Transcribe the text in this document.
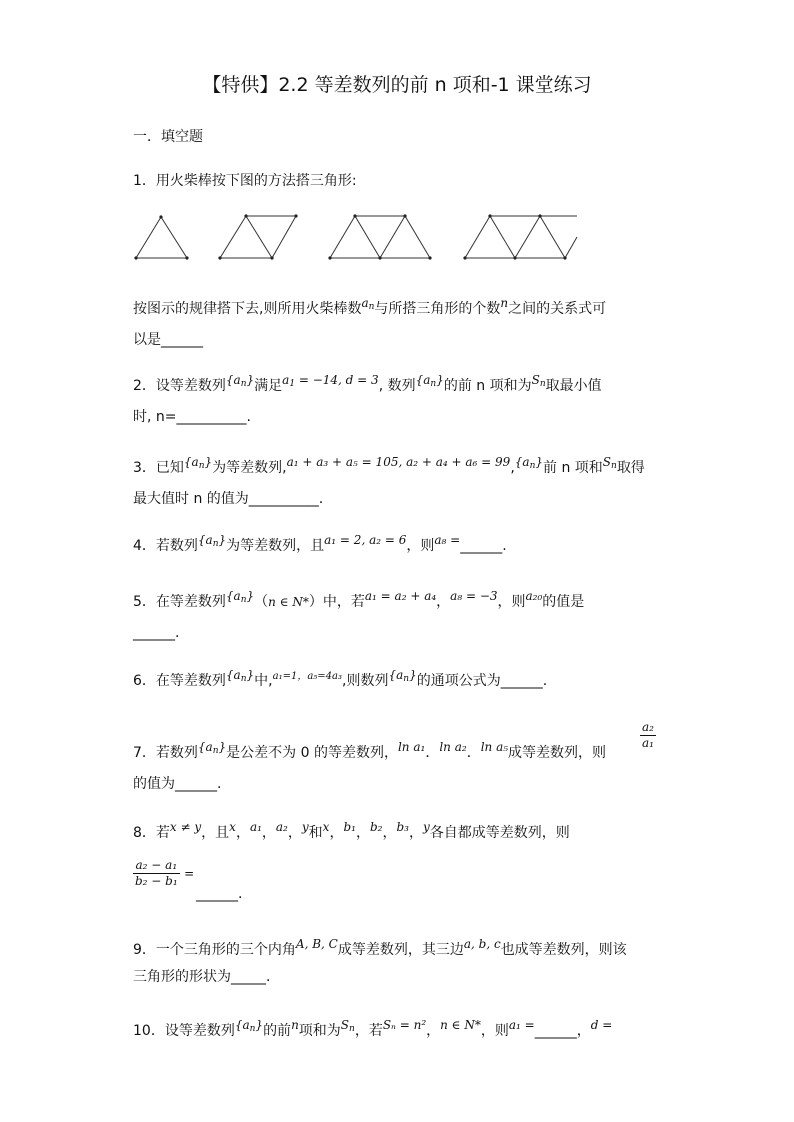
【特供】2.2 等差数列的前 n 项和-1 课堂练习
一．填空题
1．用火柴棒按下图的方法搭三角形:
按图示的规律搭下去,则所用火柴棒数$a_n$与所搭三角形的个数n之间的关系式可
以是______
2．设等差数列$\{a_n\}$满足$a_1 = -14$, d = 3, 数列$\{a_n\}$的前 n 项和为$S_n$取最小值
时, n=__________.
3．已知$\{a_n\}$为等差数列,a₁ + a₃ + a₅ = 105, $a_2 + a_4 + a_6 = 99,\{a_n\}$前 n 项和$S_n$取得
最大值时 n 的值为__________.
4．若数列$\{a_n\}$为等差数列，且a₁ = 2, a₂ = 6，则a₈ =______.
5．在等差数列$\{a_n\}(n$ ∈ N*）中，若a₁ = a₂ + a₄，a₈ = −3，则a₂₀的值是
______.
6．在等差数列$\{a_n\}$中,$^{a_1=1,a_5=4a_3}$,则数列$\{a_n\}$的通项公式为______.
7．若数列$\{a_n\}$是公差不为 0 的等差数列，ln a₁．ln a₂．ln a₅成等差数列，则
的值为______.
$\frac{\text{a₂}}{\text{a₁}}$
8．若x ≠ y，且x，a₁，a₂，y和x，b₁，b₂，b₃，y各自都成等差数列，则
$\frac{\text{a₂ − a₁}}{\text{b₂ − b₁}}$ =
______.
9．一个三角形的三个内角A, B, C成等差数列，其三边a, b, c也成等差数列，则该
三角形的形状为_____.
10．设等差数列$\{a_n\}$的前n项和为$S_n$，若Sₙ = n²，n ∈ N*，则a₁ =______，d =
